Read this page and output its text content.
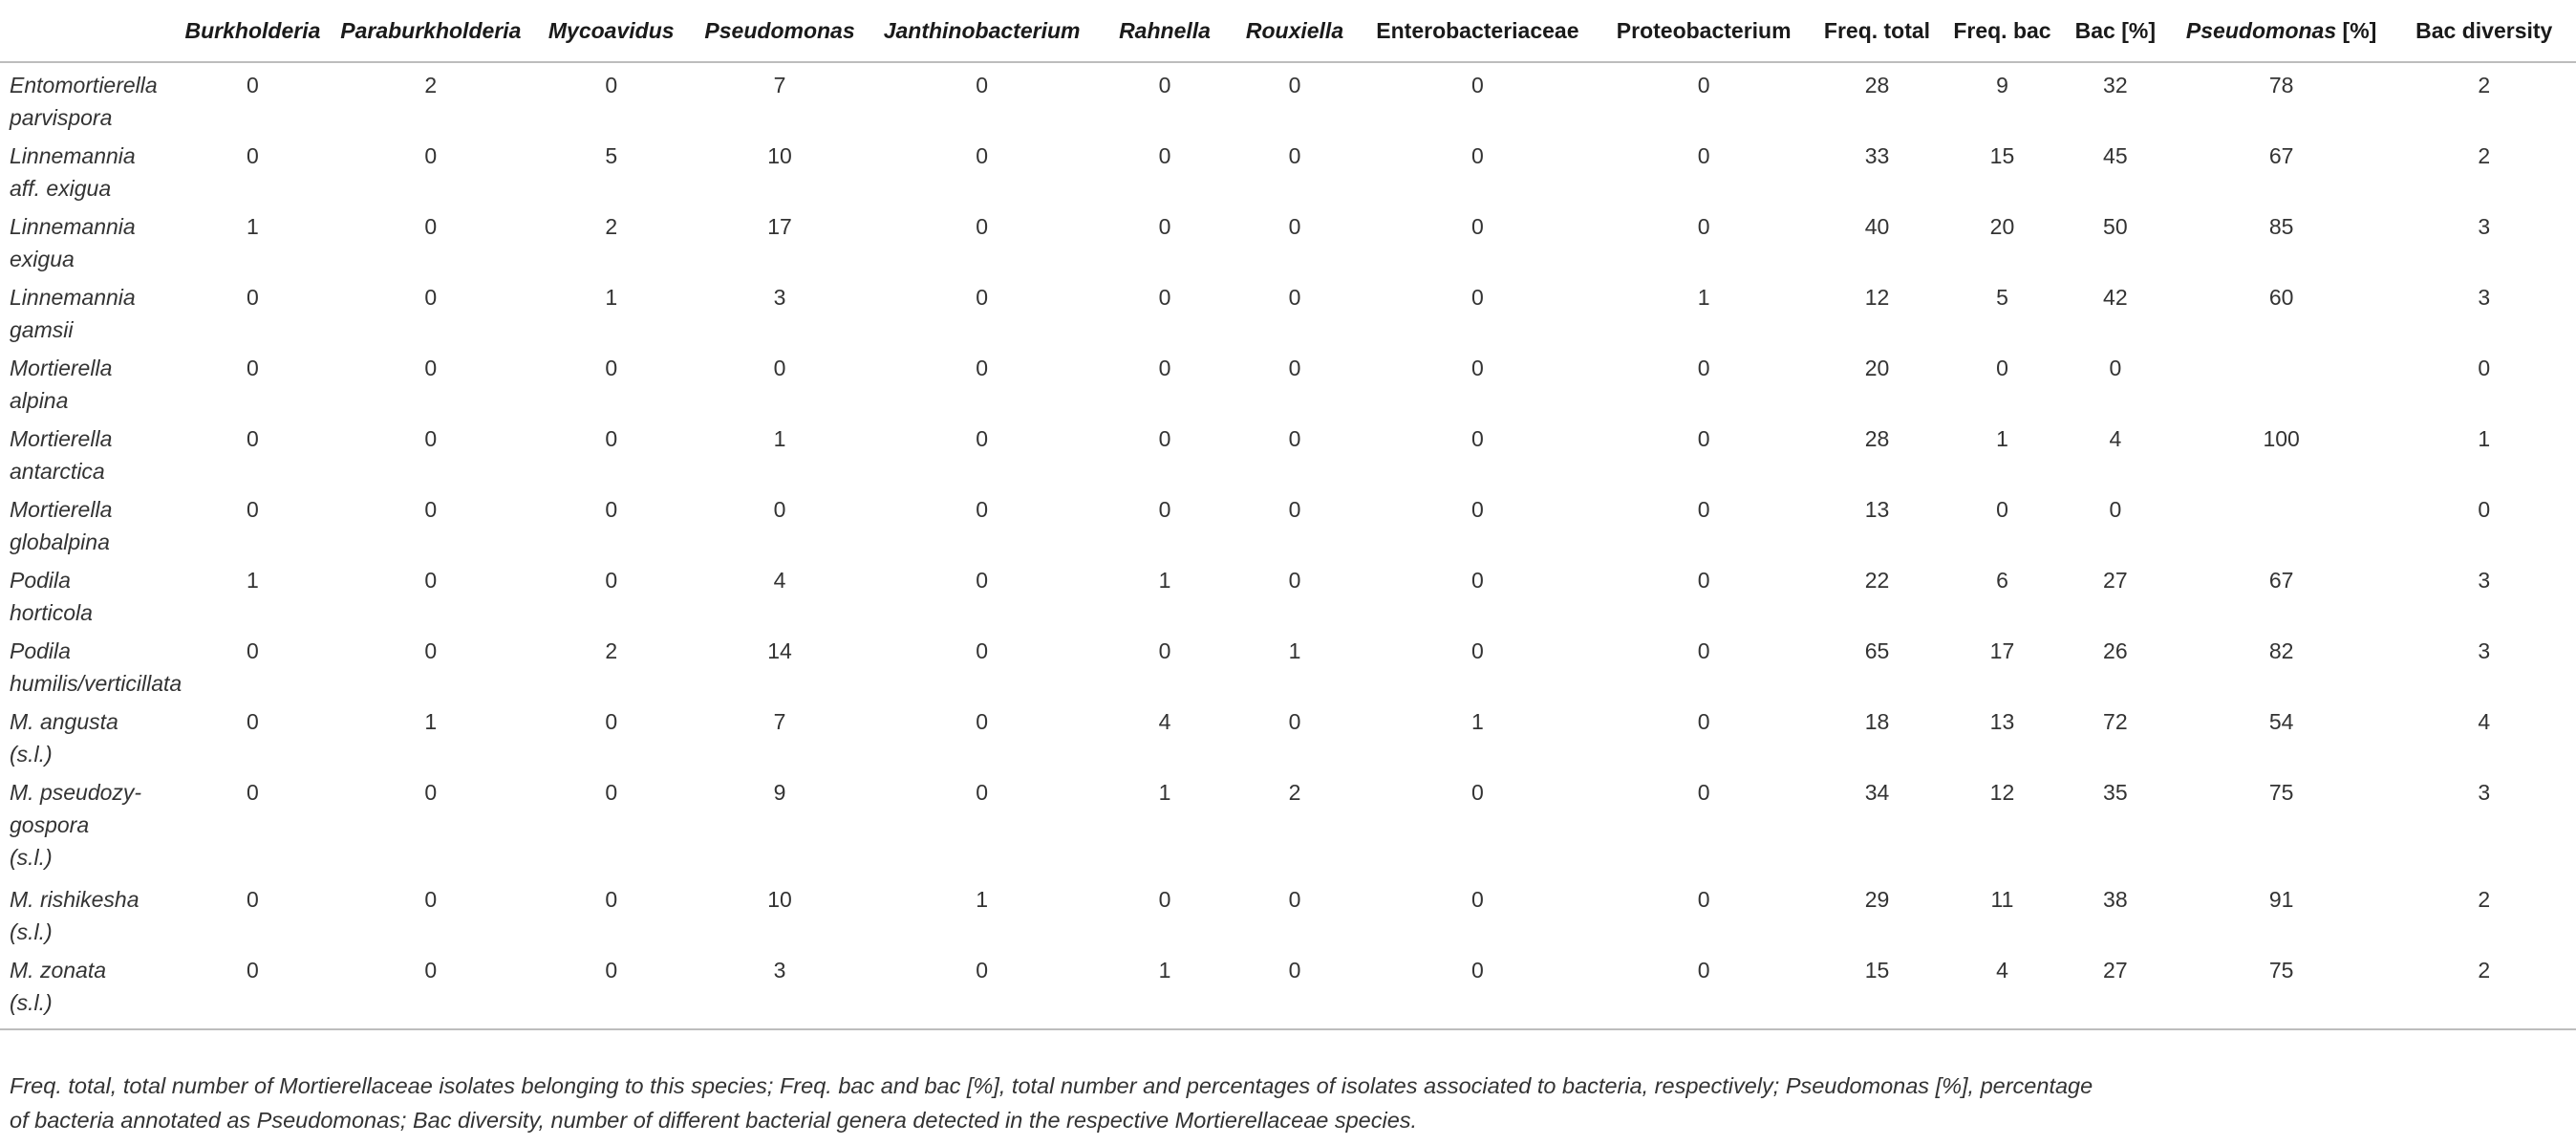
	Burkholderia	Paraburkholderia	Mycoavidus	Pseudomonas	Janthinobacterium	Rahnella	Rouxiella	Enterobacteriaceae	Proteobacterium	Freq. total	Freq. bac	Bac [%]	Pseudomonas [%]	Bac diversity

Entomortierella
parvispora	0	2	0	7	0	0	0	0	0	28	9	32	78	2

Linnemannia
aff. exigua	0	0	5	10	0	0	0	0	0	33	15	45	67	2

Linnemannia
exigua	1	0	2	17	0	0	0	0	0	40	20	50	85	3

Linnemannia
gamsii	0	0	1	3	0	0	0	0	1	12	5	42	60	3

Mortierella
alpina	0	0	0	0	0	0	0	0	0	20	0	0		0

Mortierella
antarctica	0	0	0	1	0	0	0	0	0	28	1	4	100	1

Mortierella
globalpina	0	0	0	0	0	0	0	0	0	13	0	0		0

Podila
horticola	1	0	0	4	0	1	0	0	0	22	6	27	67	3

Podila
humilis/verticillata	0	0	2	14	0	0	1	0	0	65	17	26	82	3

M. angusta
(s.l.)	0	1	0	7	0	4	0	1	0	18	13	72	54	4

M. pseudozy-
gospora
(s.l.)	0	0	0	9	0	1	2	0	0	34	12	35	75	3

M. rishikesha
(s.l.)	0	0	0	10	1	0	0	0	0	29	11	38	91	2

M. zonata
(s.l.)	0	0	0	3	0	1	0	0	0	15	4	27	75	2
Freq. total, total number of Mortierellaceae isolates belonging to this species; Freq. bac and bac [%], total number and percentages of isolates associated to bacteria, respectively; Pseudomonas [%], percentage
of bacteria annotated as Pseudomonas; Bac diversity, number of different bacterial genera detected in the respective Mortierellaceae species.
